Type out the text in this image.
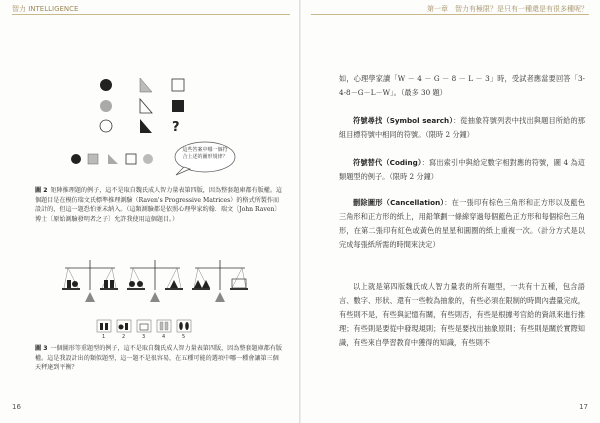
智力 INTELLIGENCE
?
這些答案中哪一個符合上述的圖形規律？
圖 2 矩陣推理題的例子，這不是取自魏氏成人智力量表第四版，因為整套題庫都有版權。這個題目是在模仿瑞文氏標準推理測驗（Raven's Progressive Matrices）的格式所製作而設計的，但這一題恐怕並未納入。（這類測驗都是依照心理學家約翰．瑞文〔John Raven〕博士〔原始測驗發明者之子〕允許我使用這個題目。）
1	2	3	4	5
圖 3 一個圖形等重題型的例子，這不是取自魏氏成人智力量表第四版，因為整套題庫都有版權。這是我設計出的類似題型，這一題不是很容易，在五種可能的選項中哪一種會讓第三個天秤達到平衡？
16
第一章　智力有極限？是只有一種還是有很多種呢？
如，心理學家讀「W － 4 － G － 8 － L － 3」時，受試者應當要回答「3-4-8－G－L－W」。（最多 30 題）
符號尋找（Symbol search）：從抽象符號列表中找出與題目所給的那組目標符號中相同的符號。（限時 2 分鐘）
符號替代（Coding）：寫出索引中與給定數字相對應的符號，圖 4 為這類題型的例子。（限時 2 分鐘）
刪除圖形（Cancellation）：在一張印有棕色三角形和正方形以及藍色三角形和正方形的紙上，用鉛筆劃一條線穿過每個藍色正方形和每個棕色三角形，在第二張印有紅色或黃色的星星和圓圈的紙上重複一次。（計分方式是以完成每張紙所需的時間來決定）
以上就是第四版魏氏成人智力量表的所有題型，一共有十五種，包含語言、數字、形狀、還有一些較為抽象的，有些必須在限制的時間內盡量完成，有些則不是，有些與記憶有關，有些則否，有些是根據考官給的資訊來進行推理；有些則是要從中發現規則；有些是要找出抽象原則；有些則是關於實際知識，有些來自學習教育中獲得的知識，有些則不
17
